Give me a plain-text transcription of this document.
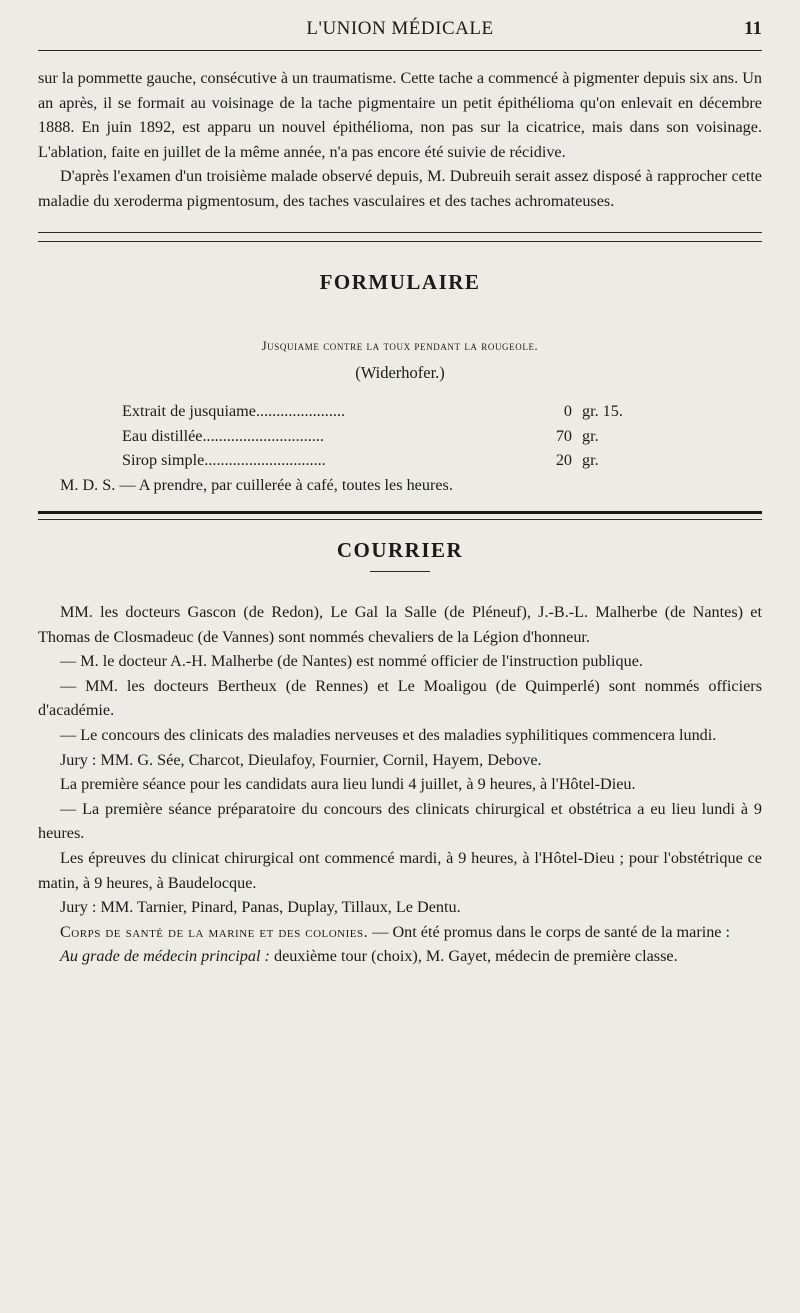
L'UNION MÉDICALE	11

sur la pommette gauche, consécutive à un traumatisme. Cette tache a commencé à pigmenter depuis six ans. Un an après, il se formait au voisinage de la tache pigmentaire un petit épithélioma qu'on enlevait en décembre 1888. En juin 1892, est apparu un nouvel épithélioma, non pas sur la cicatrice, mais dans son voisinage. L'ablation, faite en juillet de la même année, n'a pas encore été suivie de récidive.

D'après l'examen d'un troisième malade observé depuis, M. Dubreuih serait assez disposé à rapprocher cette maladie du xeroderma pigmentosum, des taches vasculaires et des taches achromateuses.

FORMULAIRE
Jusquiame contre la toux pendant la rougeole.
(Widerhofer.)
Extrait de jusquiame......................	0	gr. 15.
Eau distillée..............................	70	gr.
Sirop simple..............................	20	gr.

M. D. S. — A prendre, par cuillerée à café, toutes les heures.

COURRIER

MM. les docteurs Gascon (de Redon), Le Gal la Salle (de Pléneuf), J.-B.-L. Malherbe (de Nantes) et Thomas de Closmadeuc (de Vannes) sont nommés chevaliers de la Légion d'honneur.

— M. le docteur A.-H. Malherbe (de Nantes) est nommé officier de l'instruction publique.

— MM. les docteurs Bertheux (de Rennes) et Le Moaligou (de Quimperlé) sont nommés officiers d'académie.

— Le concours des clinicats des maladies nerveuses et des maladies syphilitiques commencera lundi.

Jury : MM. G. Sée, Charcot, Dieulafoy, Fournier, Cornil, Hayem, Debove.

La première séance pour les candidats aura lieu lundi 4 juillet, à 9 heures, à l'Hôtel-Dieu.

— La première séance préparatoire du concours des clinicats chirurgical et obstétrica a eu lieu lundi à 9 heures.

Les épreuves du clinicat chirurgical ont commencé mardi, à 9 heures, à l'Hôtel-Dieu ; pour l'obstétrique ce matin, à 9 heures, à Baudelocque.

Jury : MM. Tarnier, Pinard, Panas, Duplay, Tillaux, Le Dentu.

Corps de santé de la marine et des colonies. — Ont été promus dans le corps de santé de la marine :

Au grade de médecin principal : deuxième tour (choix), M. Gayet, médecin de première classe.
